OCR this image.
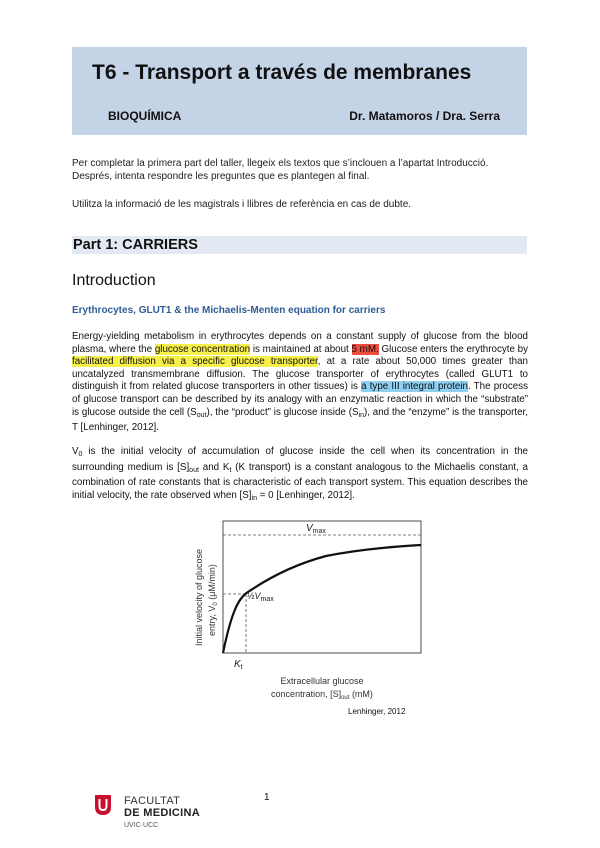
T6 - Transport a través de membranes
BIOQUÍMICA	Dr. Matamoros / Dra. Serra
Per completar la primera part del taller, llegeix els textos que s’inclouen a l’apartat Introducció. Després, intenta respondre les preguntes que es plantegen al final.
Utilitza la informació de les magistrals i llibres de referència en cas de dubte.
Part 1: CARRIERS
Introduction
Erythrocytes, GLUT1 & the Michaelis-Menten equation for carriers
Energy-yielding metabolism in erythrocytes depends on a constant supply of glucose from the blood plasma, where the glucose concentration is maintained at about 5 mM. Glucose enters the erythrocyte by facilitated diffusion via a specific glucose transporter, at a rate about 50,000 times greater than uncatalyzed transmembrane diffusion. The glucose transporter of erythrocytes (called GLUT1 to distinguish it from related glucose transporters in other tissues) is a type III integral protein. The process of glucose transport can be described by its analogy with an enzymatic reaction in which the “substrate” is glucose outside the cell $(S_{out})$, the “product” is glucose inside $(S_{in})$, and the “enzyme” is the transporter, T [Lenhinger, 2012].
$V_0$ is the initial velocity of accumulation of glucose inside the cell when its concentration in the surrounding medium is $[S]_{out}$ and $K_t$ (K transport) is a constant analogous to the Michaelis constant, a combination of rate constants that is characteristic of each transport system. This equation describes the initial velocity, the rate observed when $[S]_{in} = 0$ [Lenhinger, 2012].
$V_{max}$
$\frac{1}{2}V_{max}$
$K_t$
Initial velocity of glucose entry, $V_0$ (μM/min)
Extracellular glucose
concentration, $[S]_{out}$ (mM)
Lenhinger, 2012
1
FACULTAT
DE MEDICINA
UVIC·UCC
